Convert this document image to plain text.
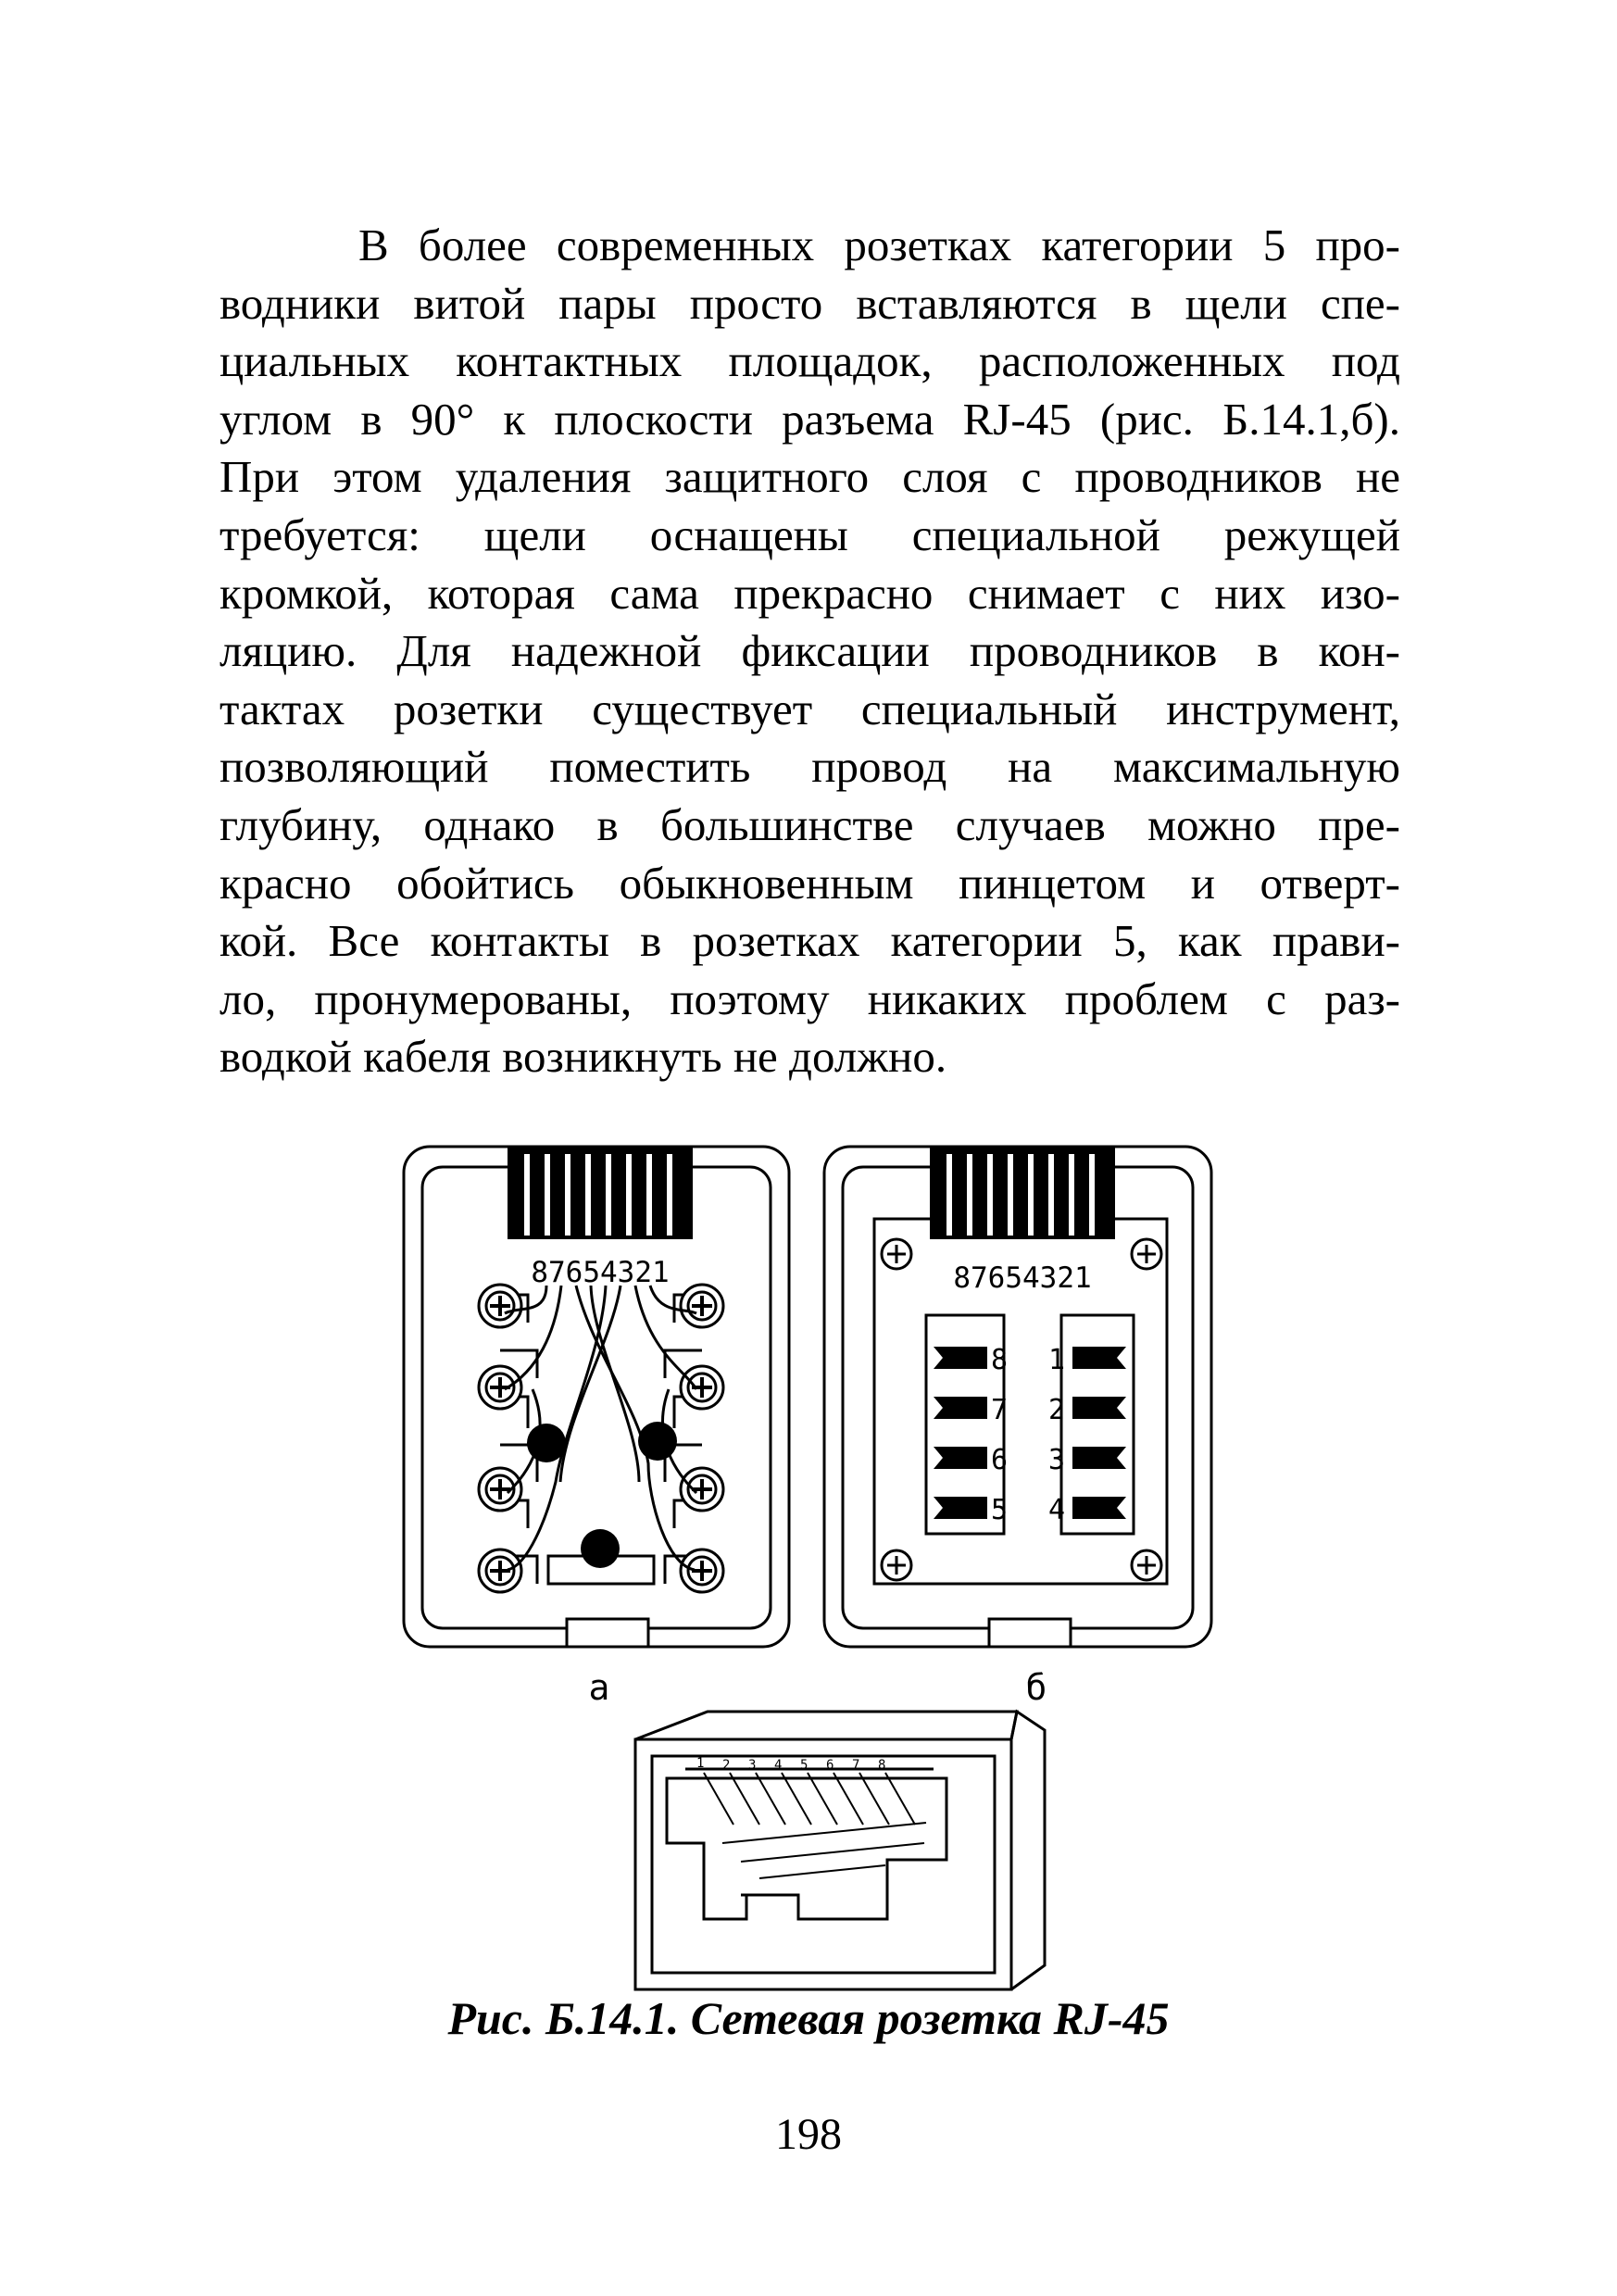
В более современных розетках категории 5 про-
водники витой пары просто вставляются в щели спе-
циальных контактных площадок, расположенных под
углом в 90° к плоскости разъема RJ-45 (рис. Б.14.1,б).
При этом удаления защитного слоя с проводников не
требуется: щели оснащены специальной режущей
кромкой, которая сама прекрасно снимает с них изо-
ляцию. Для надежной фиксации проводников в кон-
тактах розетки существует специальный инструмент,
позволяющий поместить провод на максимальную
глубину, однако в большинстве случаев можно пре-
красно обойтись обыкновенным пинцетом и отверт-
кой. Все контакты в розетках категории 5, как прави-
ло, пронумерованы, поэтому никаких проблем с раз-
водкой кабеля возникнуть не должно.
87654321
а
87654321
8
7
6
5
1
2
3
4
б
1 2 3 4 5 6 7 8
Рис. Б.14.1. Сетевая розетка RJ-45
198
